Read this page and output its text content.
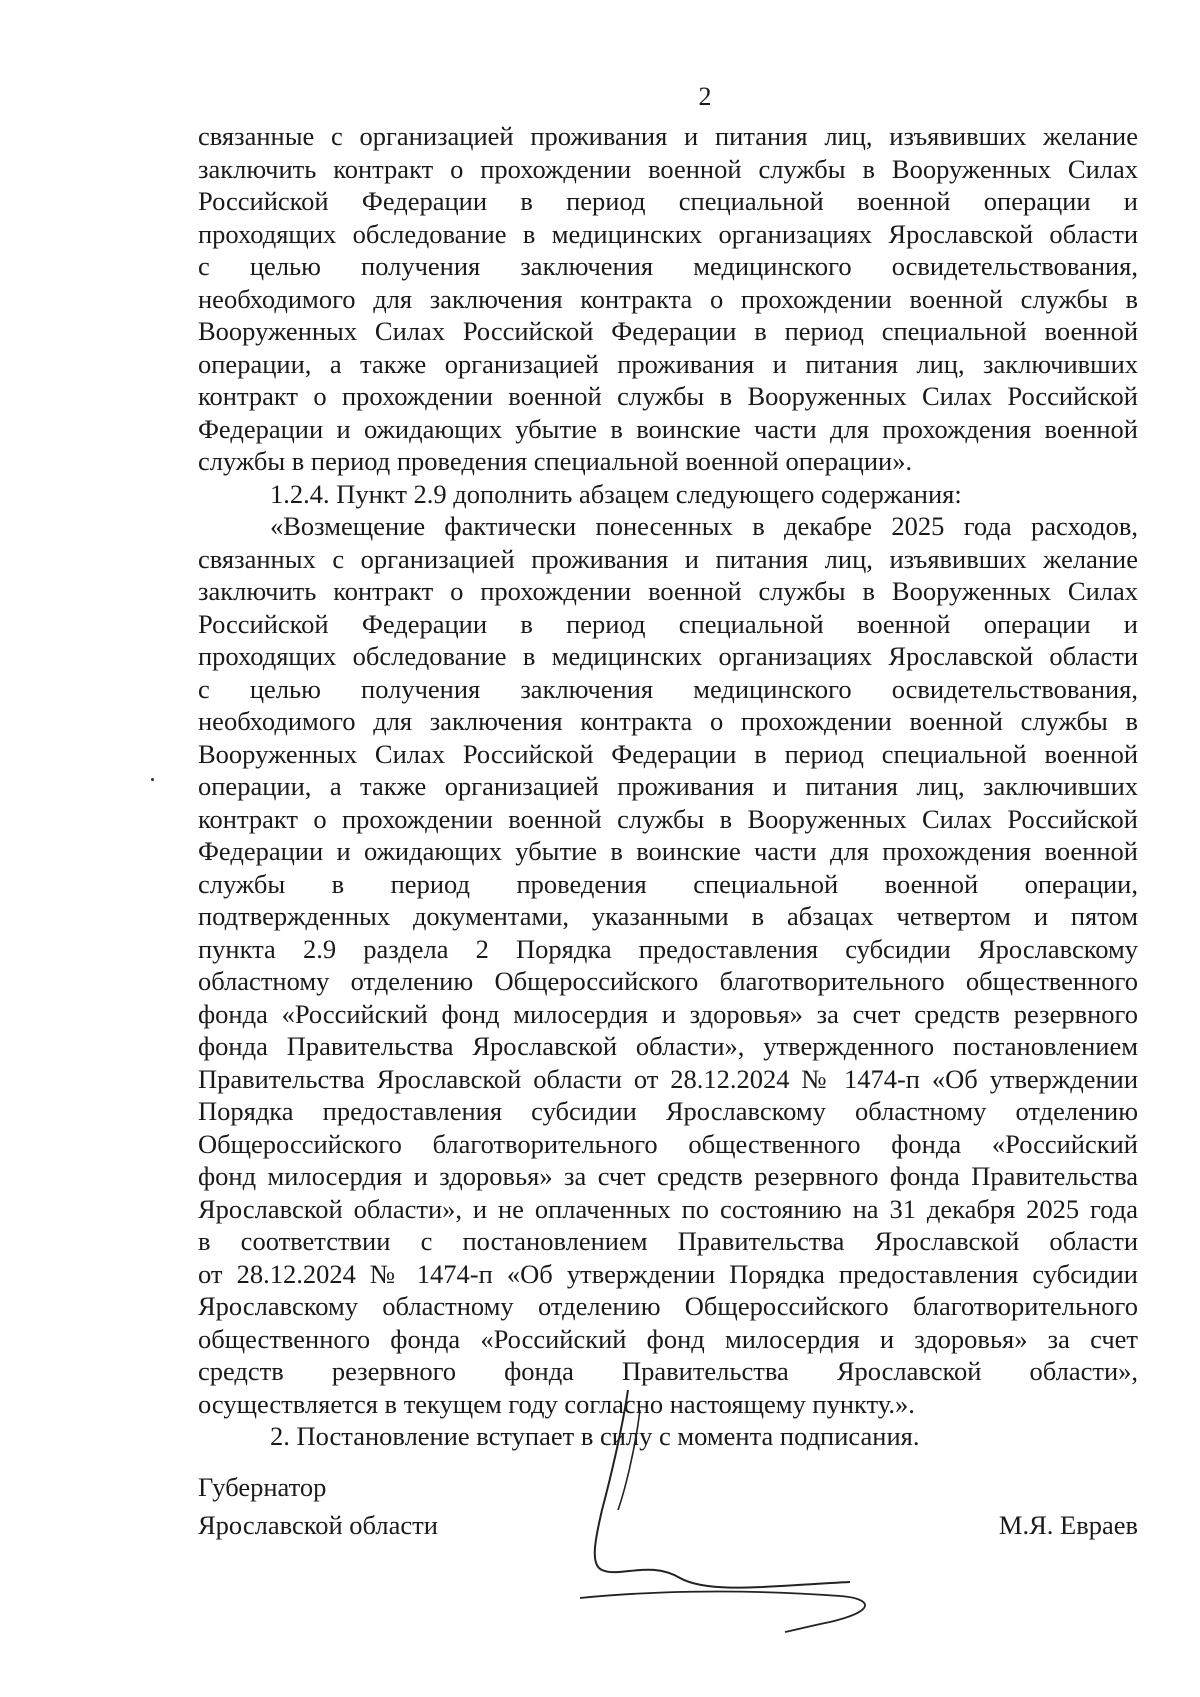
2

связанные с организацией проживания и питания лиц, изъявивших желание
заключить контракт о прохождении военной службы в Вооруженных Силах
Российской Федерации в период специальной военной операции и
проходящих обследование в медицинских организациях Ярославской области
с целью получения заключения медицинского освидетельствования,
необходимого для заключения контракта о прохождении военной службы в
Вооруженных Силах Российской Федерации в период специальной военной
операции, а также организацией проживания и питания лиц, заключивших
контракт о прохождении военной службы в Вооруженных Силах Российской
Федерации и ожидающих убытие в воинские части для прохождения военной
службы в период проведения специальной военной операции».

1.2.4. Пункт 2.9 дополнить абзацем следующего содержания:

«Возмещение фактически понесенных в декабре 2025 года расходов,
связанных с организацией проживания и питания лиц, изъявивших желание
заключить контракт о прохождении военной службы в Вооруженных Силах
Российской Федерации в период специальной военной операции и
проходящих обследование в медицинских организациях Ярославской области
с целью получения заключения медицинского освидетельствования,
необходимого для заключения контракта о прохождении военной службы в
Вооруженных Силах Российской Федерации в период специальной военной
операции, а также организацией проживания и питания лиц, заключивших
контракт о прохождении военной службы в Вооруженных Силах Российской
Федерации и ожидающих убытие в воинские части для прохождения военной
службы в период проведения специальной военной операции,
подтвержденных документами, указанными в абзацах четвертом и пятом
пункта 2.9 раздела 2 Порядка предоставления субсидии Ярославскому
областному отделению Общероссийского благотворительного общественного
фонда «Российский фонд милосердия и здоровья» за счет средств резервного
фонда Правительства Ярославской области», утвержденного постановлением
Правительства Ярославской области от 28.12.2024 № 1474-п «Об утверждении
Порядка предоставления субсидии Ярославскому областному отделению
Общероссийского благотворительного общественного фонда «Российский
фонд милосердия и здоровья» за счет средств резервного фонда Правительства
Ярославской области», и не оплаченных по состоянию на 31 декабря 2025 года
в соответствии с постановлением Правительства Ярославской области
от 28.12.2024 № 1474-п «Об утверждении Порядка предоставления субсидии
Ярославскому областному отделению Общероссийского благотворительного
общественного фонда «Российский фонд милосердия и здоровья» за счет
средств резервного фонда Правительства Ярославской области»,
осуществляется в текущем году согласно настоящему пункту.».

2. Постановление вступает в силу с момента подписания.

Губернатор
Ярославской области	М.Я. Евраев
